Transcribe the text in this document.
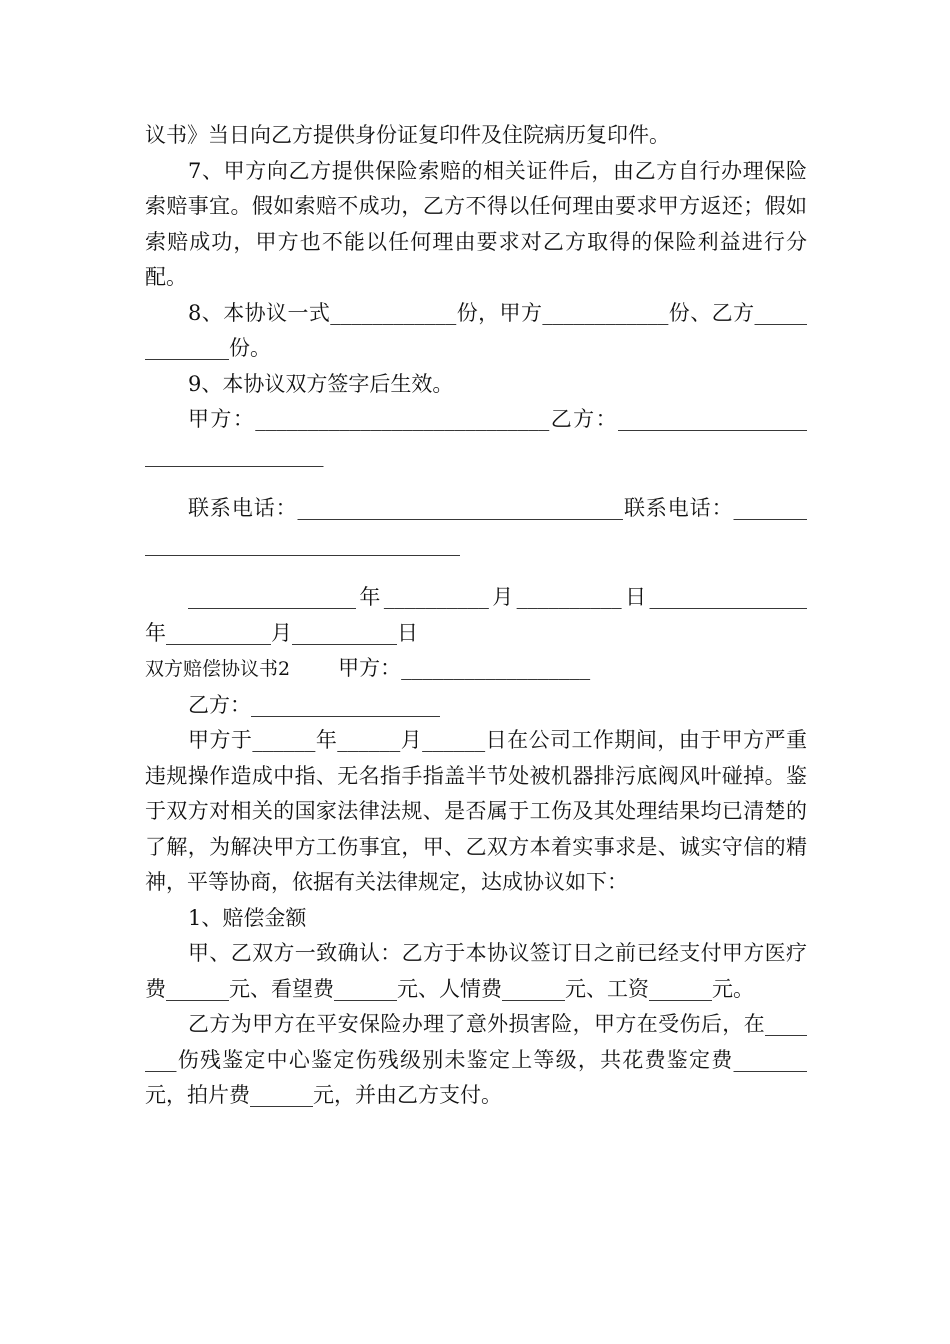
议书》当日向乙方提供身份证复印件及住院病历复印件。

7、甲方向乙方提供保险索赔的相关证件后，由乙方自行办理保险索赔事宜。假如索赔不成功，乙方不得以任何理由要求甲方返还；假如索赔成功，甲方也不能以任何理由要求对乙方取得的保险利益进行分配。

8、本协议一式____________份，甲方____________份、乙方_____________份。

9、本协议双方签字后生效。

甲方：____________________________乙方：___________________________________

联系电话：_______________________________联系电话：_____________________________________

________________年__________月__________日_______________年__________月__________日

双方赔偿协议书2 甲方：__________________

乙方：__________________

甲方于______年______月______日在公司工作期间，由于甲方严重违规操作造成中指、无名指手指盖半节处被机器排污底阀风叶碰掉。鉴于双方对相关的国家法律法规、是否属于工伤及其处理结果均已清楚的了解，为解决甲方工伤事宜，甲、乙双方本着实事求是、诚实守信的精神，平等协商，依据有关法律规定，达成协议如下：

1、赔偿金额

甲、乙双方一致确认：乙方于本协议签订日之前已经支付甲方医疗费______元、看望费______元、人情费______元、工资______元。

乙方为甲方在平安保险办理了意外损害险，甲方在受伤后，在_______伤残鉴定中心鉴定伤残级别未鉴定上等级，共花费鉴定费_______元，拍片费______元，并由乙方支付。
